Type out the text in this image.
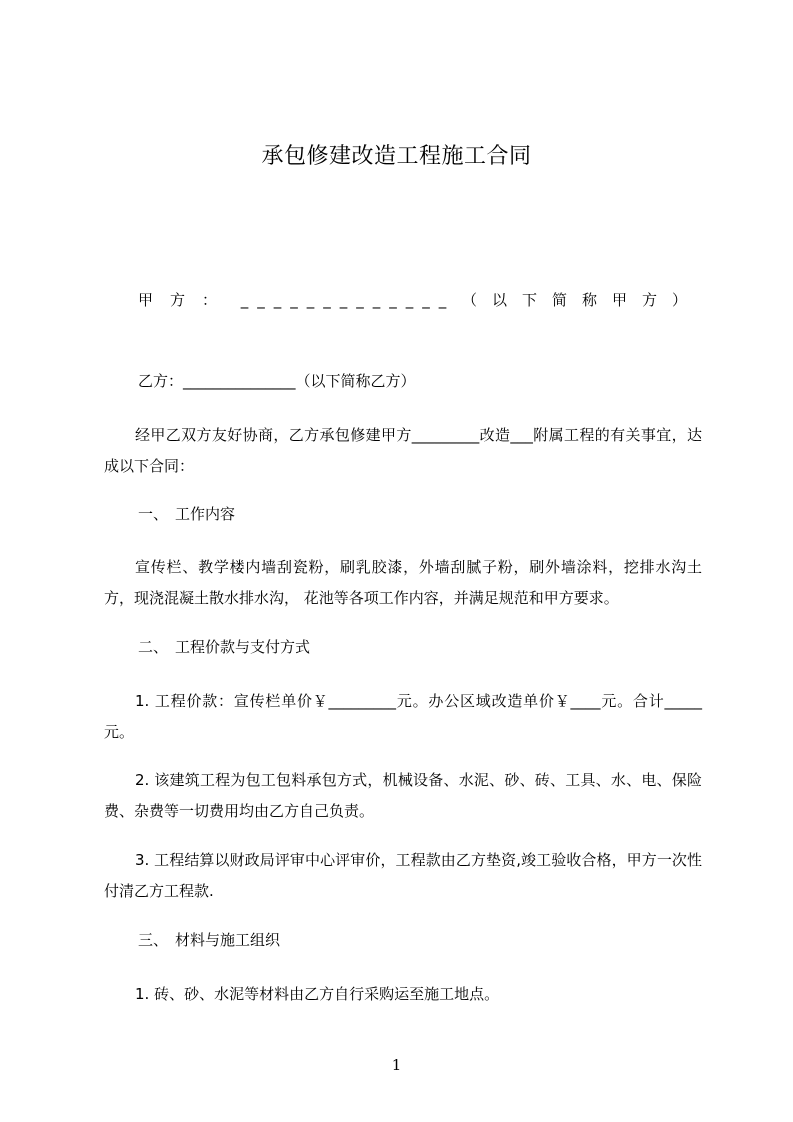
承包修建改造工程施工合同
甲方： _____________ （以下简称甲方）
乙方：_______________（以下简称乙方）
经甲乙双方友好协商，乙方承包修建甲方_________改造___附属工程的有关事宜，达成以下合同：
一、 工作内容
宣传栏、教学楼内墙刮瓷粉，刷乳胶漆，外墙刮腻子粉，刷外墙涂料，挖排水沟土方，现浇混凝土散水排水沟， 花池等各项工作内容，并满足规范和甲方要求。
二、 工程价款与支付方式
1. 工程价款：宣传栏单价￥_________元。办公区域改造单价￥____元。合计_____元。
2. 该建筑工程为包工包料承包方式，机械设备、水泥、砂、砖、工具、水、电、保险费、杂费等一切费用均由乙方自己负责。
3. 工程结算以财政局评审中心评审价，工程款由乙方垫资,竣工验收合格，甲方一次性付清乙方工程款.
三、 材料与施工组织
1. 砖、砂、水泥等材料由乙方自行采购运至施工地点。
1
